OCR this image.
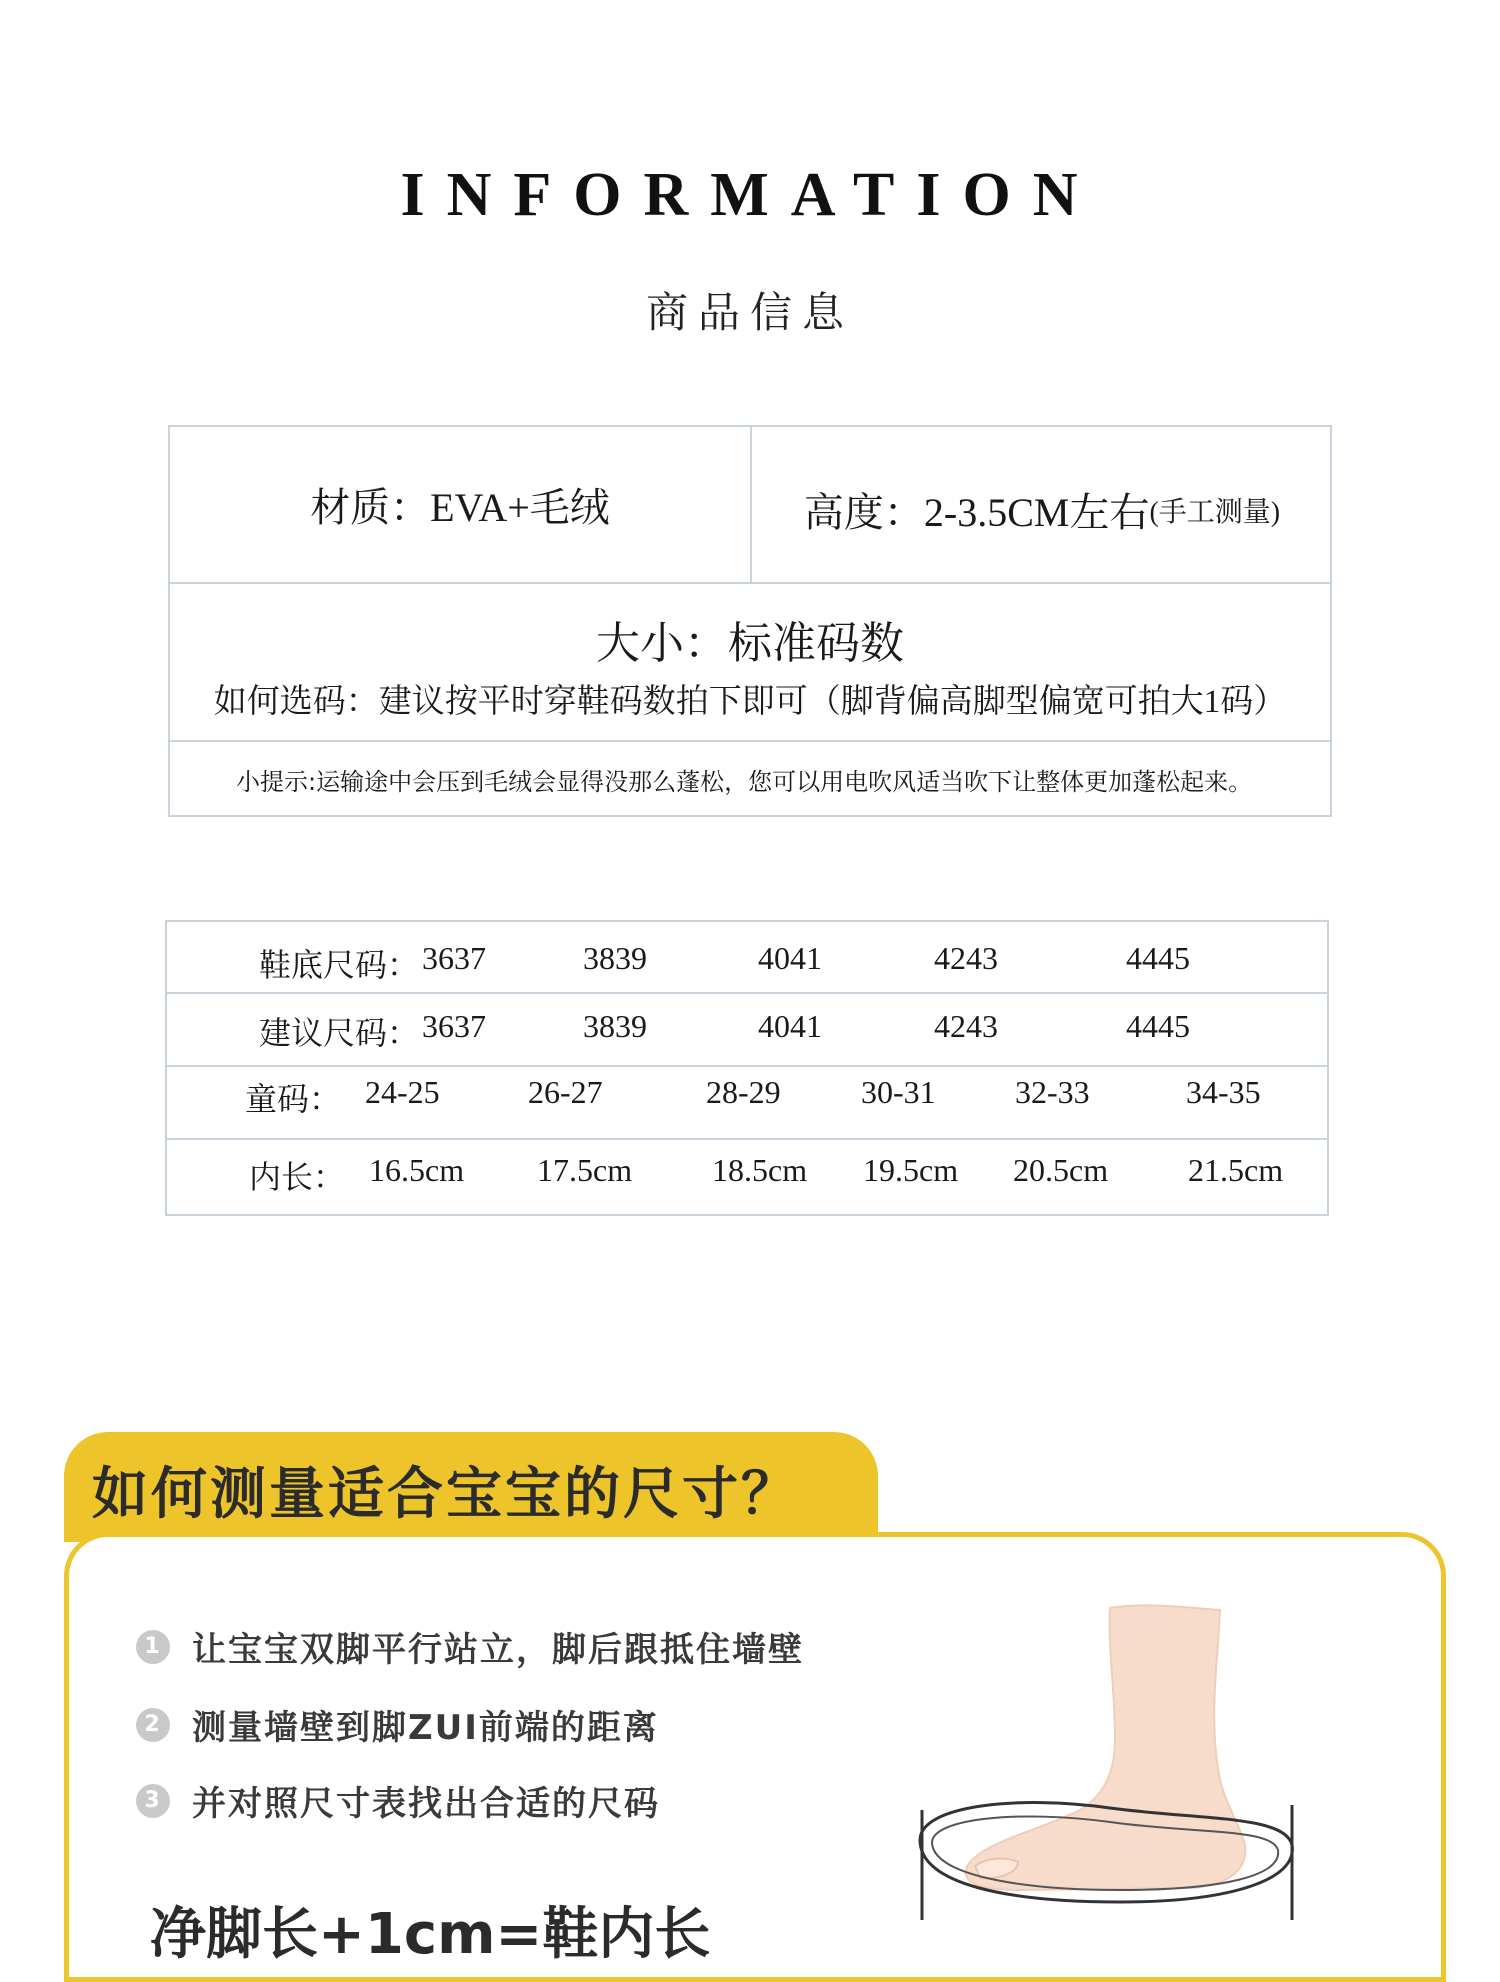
INFORMATION
商品信息
材质：EVA+毛绒	高度：2-3.5CM左右 (手工测量)
大小：标准码数
如何选码：建议按平时穿鞋码数拍下即可（脚背偏高脚型偏宽可拍大1码）
小提示:运输途中会压到毛绒会显得没那么蓬松，您可以用电吹风适当吹下让整体更加蓬松起来。
鞋底尺码： 3637	3839	4041	4243	4445
建议尺码： 3637	3839	4041	4243	4445
童码： 24-25	26-27	28-29	30-31 32-33	34-35
内长： 16.5cm 17.5cm 18.5cm 19.5cm 20.5cm 21.5cm
如何测量适合宝宝的尺寸？
1 让宝宝双脚平行站立，脚后跟抵住墙壁
2 测量墙壁到脚ZUI前端的距离
3 并对照尺寸表找出合适的尺码
净脚长+1cm=鞋内长
